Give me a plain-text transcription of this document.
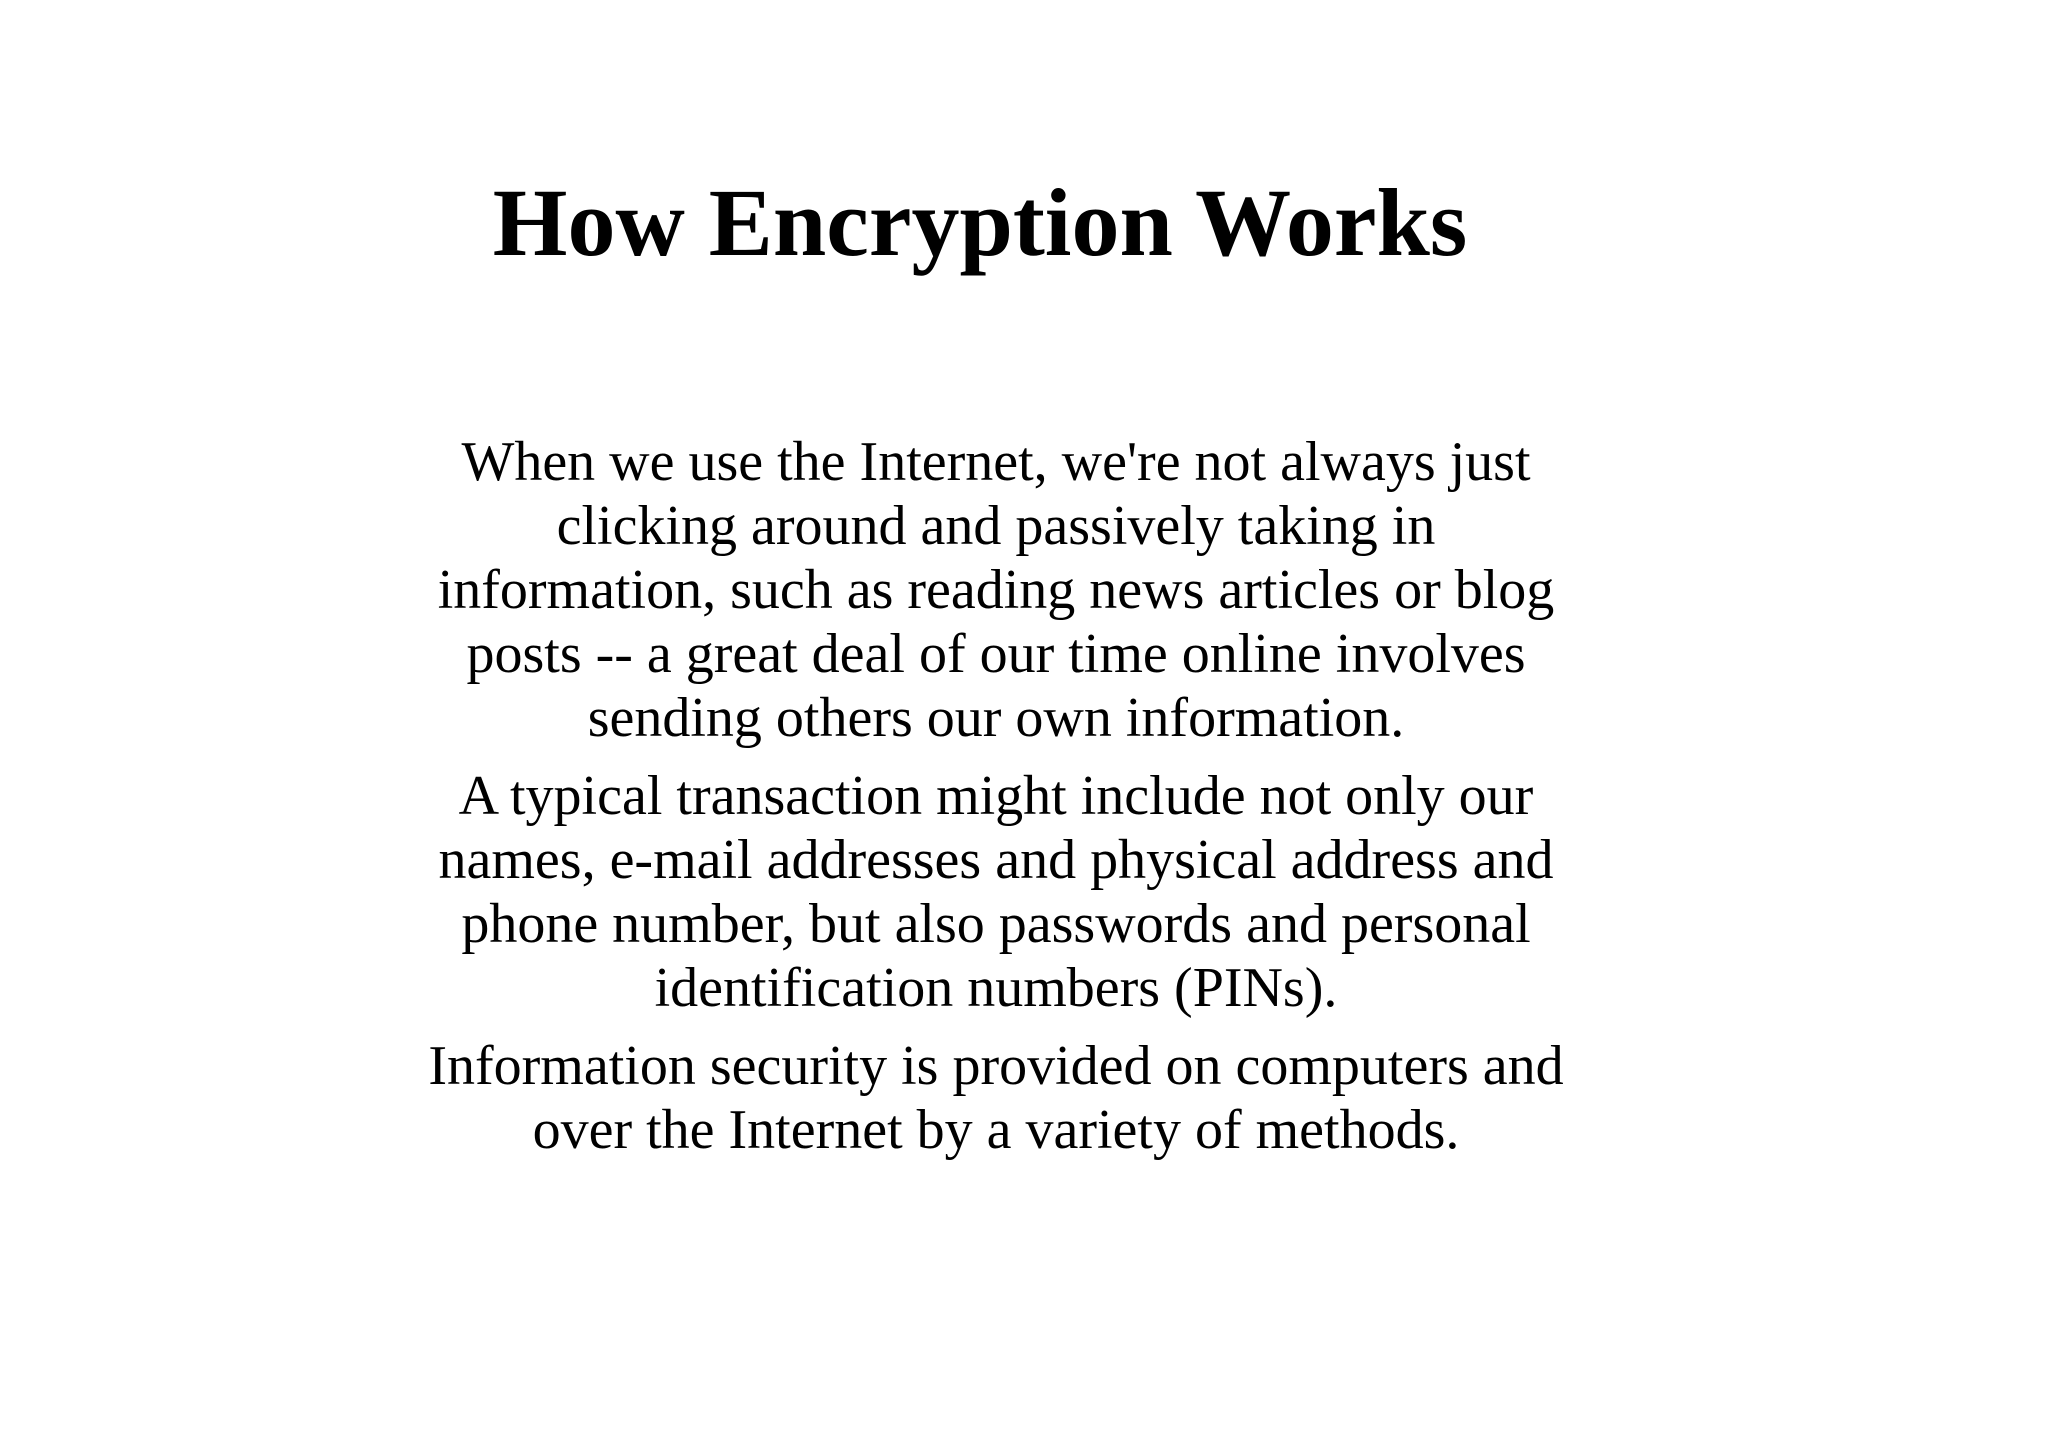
How Encryption Works

When we use the Internet, we're not always just
clicking around and passively taking in
information, such as reading news articles or blog
posts -- a great deal of our time online involves
sending others our own information.

A typical transaction might include not only our
names, e-mail addresses and physical address and
phone number, but also passwords and personal
identification numbers (PINs).

Information security is provided on computers and
over the Internet by a variety of methods.
